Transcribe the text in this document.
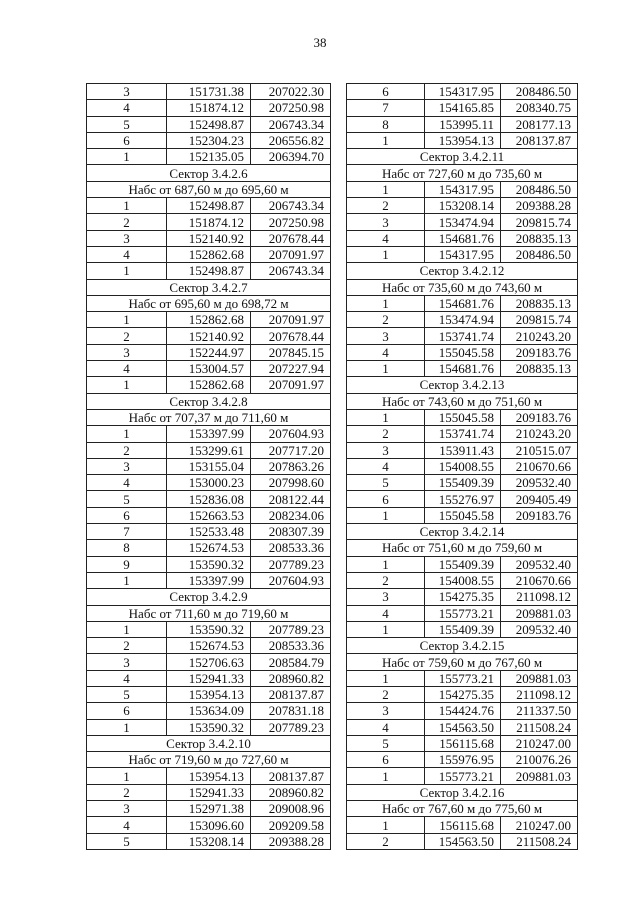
38
3	151731.38	207022.30
4	151874.12	207250.98
5	152498.87	206743.34
6	152304.23	206556.82
1	152135.05	206394.70
Сектор 3.4.2.6		
Набс от 687,60 м до 695,60 м		
1	152498.87	206743.34
2	151874.12	207250.98
3	152140.92	207678.44
4	152862.68	207091.97
1	152498.87	206743.34
Сектор 3.4.2.7		
Набс от 695,60 м до 698,72 м		
1	152862.68	207091.97
2	152140.92	207678.44
3	152244.97	207845.15
4	153004.57	207227.94
1	152862.68	207091.97
Сектор 3.4.2.8		
Набс от 707,37 м до 711,60 м		
1	153397.99	207604.93
2	153299.61	207717.20
3	153155.04	207863.26
4	153000.23	207998.60
5	152836.08	208122.44
6	152663.53	208234.06
7	152533.48	208307.39
8	152674.53	208533.36
9	153590.32	207789.23
1	153397.99	207604.93
Сектор 3.4.2.9		
Набс от 711,60 м до 719,60 м		
1	153590.32	207789.23
2	152674.53	208533.36
3	152706.63	208584.79
4	152941.33	208960.82
5	153954.13	208137.87
6	153634.09	207831.18
1	153590.32	207789.23
Сектор 3.4.2.10		
Набс от 719,60 м до 727,60 м		
1	153954.13	208137.87
2	152941.33	208960.82
3	152971.38	209008.96
4	153096.60	209209.58
5	153208.14	209388.28
6	154317.95	208486.50
7	154165.85	208340.75
8	153995.11	208177.13
1	153954.13	208137.87
Сектор 3.4.2.11		
Набс от 727,60 м до 735,60 м		
1	154317.95	208486.50
2	153208.14	209388.28
3	153474.94	209815.74
4	154681.76	208835.13
1	154317.95	208486.50
Сектор 3.4.2.12		
Набс от 735,60 м до 743,60 м		
1	154681.76	208835.13
2	153474.94	209815.74
3	153741.74	210243.20
4	155045.58	209183.76
1	154681.76	208835.13
Сектор 3.4.2.13		
Набс от 743,60 м до 751,60 м		
1	155045.58	209183.76
2	153741.74	210243.20
3	153911.43	210515.07
4	154008.55	210670.66
5	155409.39	209532.40
6	155276.97	209405.49
1	155045.58	209183.76
Сектор 3.4.2.14		
Набс от 751,60 м до 759,60 м		
1	155409.39	209532.40
2	154008.55	210670.66
3	154275.35	211098.12
4	155773.21	209881.03
1	155409.39	209532.40
Сектор 3.4.2.15		
Набс от 759,60 м до 767,60 м		
1	155773.21	209881.03
2	154275.35	211098.12
3	154424.76	211337.50
4	154563.50	211508.24
5	156115.68	210247.00
6	155976.95	210076.26
1	155773.21	209881.03
Сектор 3.4.2.16		
Набс от 767,60 м до 775,60 м		
1	156115.68	210247.00
2	154563.50	211508.24
